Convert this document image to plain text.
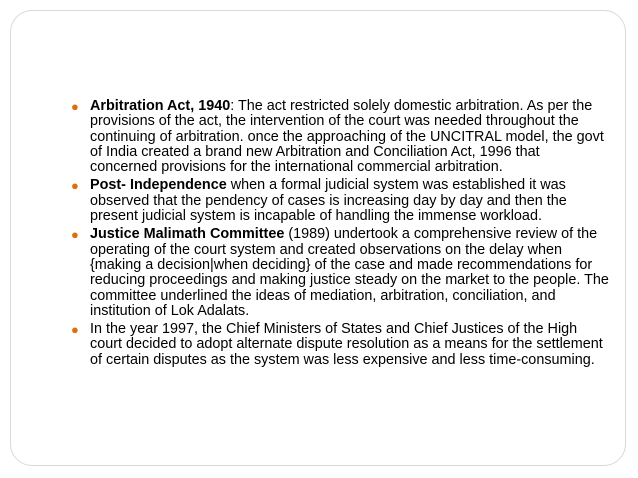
● Arbitration Act, 1940: The act restricted solely domestic arbitration. As per the provisions of the act, the intervention of the court was needed throughout the continuing of arbitration. once the approaching of the UNCITRAL model, the govt of India created a brand new Arbitration and Conciliation Act, 1996 that concerned provisions for the international commercial arbitration.
● Post- Independence when a formal judicial system was established it was observed that the pendency of cases is increasing day by day and then the present judicial system is incapable of handling the immense workload.
● Justice Malimath Committee (1989) undertook a comprehensive review of the operating of the court system and created observations on the delay when {making a decision|when deciding} of the case and made recommendations for reducing proceedings and making justice steady on the market to the people. The committee underlined the ideas of mediation, arbitration, conciliation, and institution of Lok Adalats.
● In the year 1997, the Chief Ministers of States and Chief Justices of the High court decided to adopt alternate dispute resolution as a means for the settlement of certain disputes as the system was less expensive and less time-consuming.
